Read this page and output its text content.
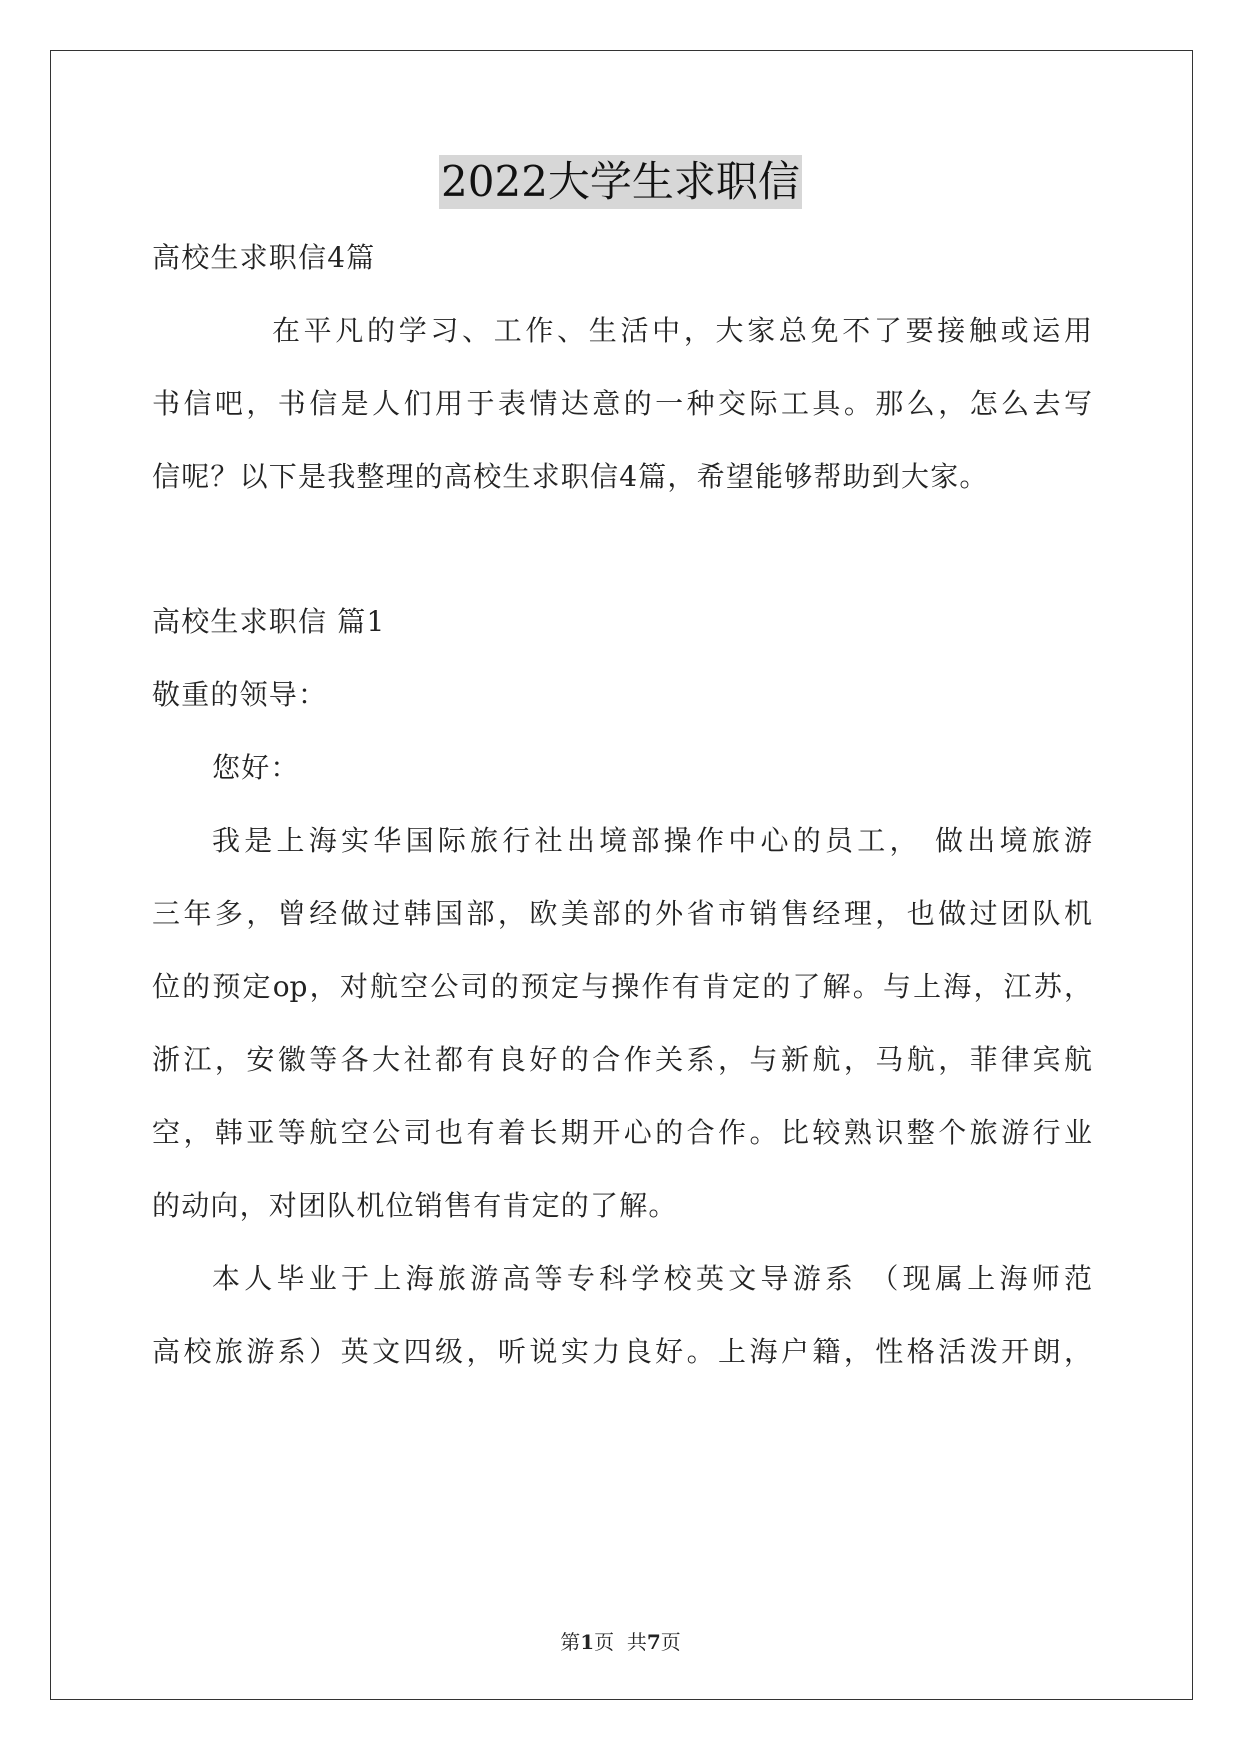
2022大学生求职信
高校生求职信4篇
在平凡的学习、工作、生活中，大家总免不了要接触或运用
书信吧，书信是人们用于表情达意的一种交际工具。那么，怎么去写
信呢？以下是我整理的高校生求职信4篇，希望能够帮助到大家。
高校生求职信 篇1
敬重的领导：
您好：
我是上海实华国际旅行社出境部操作中心的员工， 做出境旅游
三年多，曾经做过韩国部，欧美部的外省市销售经理，也做过团队机
位的预定op，对航空公司的预定与操作有肯定的了解。与上海，江苏，
浙江，安徽等各大社都有良好的合作关系，与新航，马航，菲律宾航
空，韩亚等航空公司也有着长期开心的合作。比较熟识整个旅游行业
的动向，对团队机位销售有肯定的了解。
本人毕业于上海旅游高等专科学校英文导游系 （现属上海师范
高校旅游系）英文四级，听说实力良好。上海户籍，性格活泼开朗，
第1页  共7页
